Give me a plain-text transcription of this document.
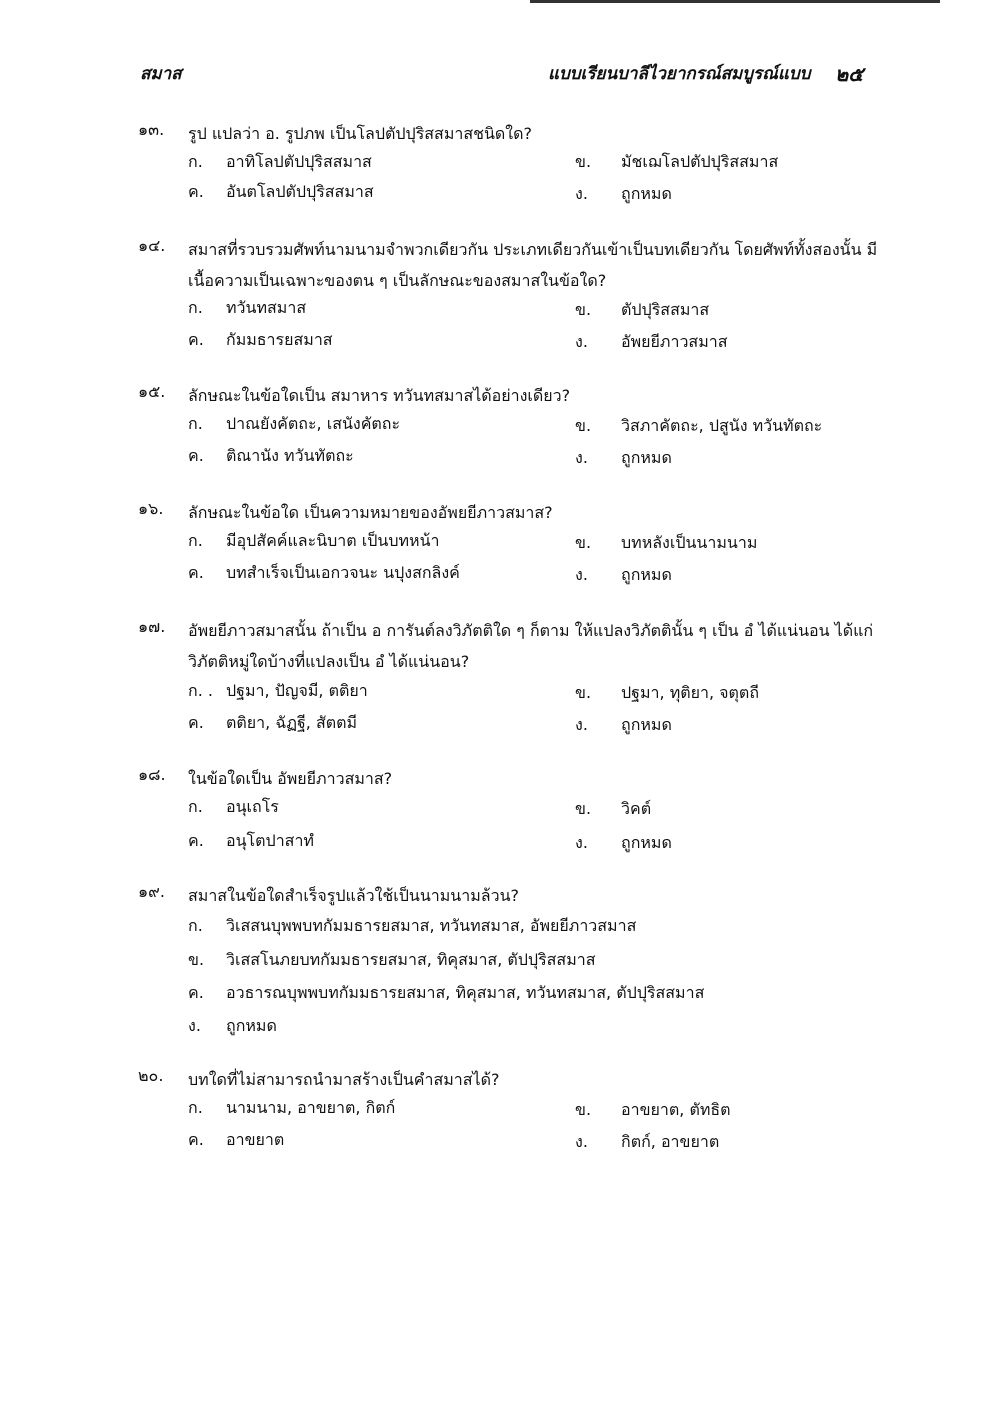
สมาส	แบบเรียนบาลีไวยากรณ์สมบูรณ์แบบ ๒๕
๑๓. รูป แปลว่า อ. รูปภพ เป็นโลปตัปปุริสสมาสชนิดใด?
ก. อาทิโลปตัปปุริสสมาส	ข. มัชเฌโลปตัปปุริสสมาส
ค. อันตโลปตัปปุริสสมาส	ง. ถูกหมด
๑๔. สมาสที่รวบรวมศัพท์นามนามจำพวกเดียวกัน ประเภทเดียวกันเข้าเป็นบทเดียวกัน โดยศัพท์ทั้งสองนั้น มีเนื้อความเป็นเฉพาะของตน ๆ เป็นลักษณะของสมาสในข้อใด?
ก. ทวันทสมาส	ข. ตัปปุริสสมาส
ค. กัมมธารยสมาส	ง. อัพยยีภาวสมาส
๑๕. ลักษณะในข้อใดเป็น สมาหาร ทวันทสมาสได้อย่างเดียว?
ก. ปาณยังคัตถะ, เสนังคัตถะ	ข. วิสภาคัตถะ, ปสูนัง ทวันทัตถะ
ค. ติณานัง ทวันทัตถะ	ง. ถูกหมด
๑๖. ลักษณะในข้อใด เป็นความหมายของอัพยยีภาวสมาส?
ก. มีอุปสัคค์และนิบาต เป็นบทหน้า	ข. บทหลังเป็นนามนาม
ค. บทสำเร็จเป็นเอกวจนะ นปุงสกลิงค์	ง. ถูกหมด
๑๗. อัพยยีภาวสมาสนั้น ถ้าเป็น อ การันต์ลงวิภัตติใด ๆ ก็ตาม ให้แปลงวิภัตตินั้น ๆ เป็น อํ ได้แน่นอน ได้แก่วิภัตติหมู่ใดบ้างที่แปลงเป็น อํ ได้แน่นอน?
ก. . ปฐมา, ปัญจมี, ตติยา	ข. ปฐมา, ทุติยา, จตุตถี
ค. ตติยา, ฉัฏฐี, สัตตมี	ง. ถูกหมด
๑๘. ในข้อใดเป็น อัพยยีภาวสมาส?
ก. อนุเถโร	ข. วิคต์
ค. อนุโตปาสาทํ	ง. ถูกหมด
๑๙. สมาสในข้อใดสำเร็จรูปแล้วใช้เป็นนามนามล้วน?
ก. วิเสสนบุพพบทกัมมธารยสมาส, ทวันทสมาส, อัพยยีภาวสมาส
ข. วิเสสโนภยบทกัมมธารยสมาส, ทิคุสมาส, ตัปปุริสสมาส
ค. อวธารณบุพพบทกัมมธารยสมาส, ทิคุสมาส, ทวันทสมาส, ตัปปุริสสมาส
ง. ถูกหมด
๒๐. บทใดที่ไม่สามารถนำมาสร้างเป็นคำสมาสได้?
ก. นามนาม, อาขยาต, กิตก์	ข. อาขยาต, ตัทธิต
ค. อาขยาต	ง. กิตก์, อาขยาต
